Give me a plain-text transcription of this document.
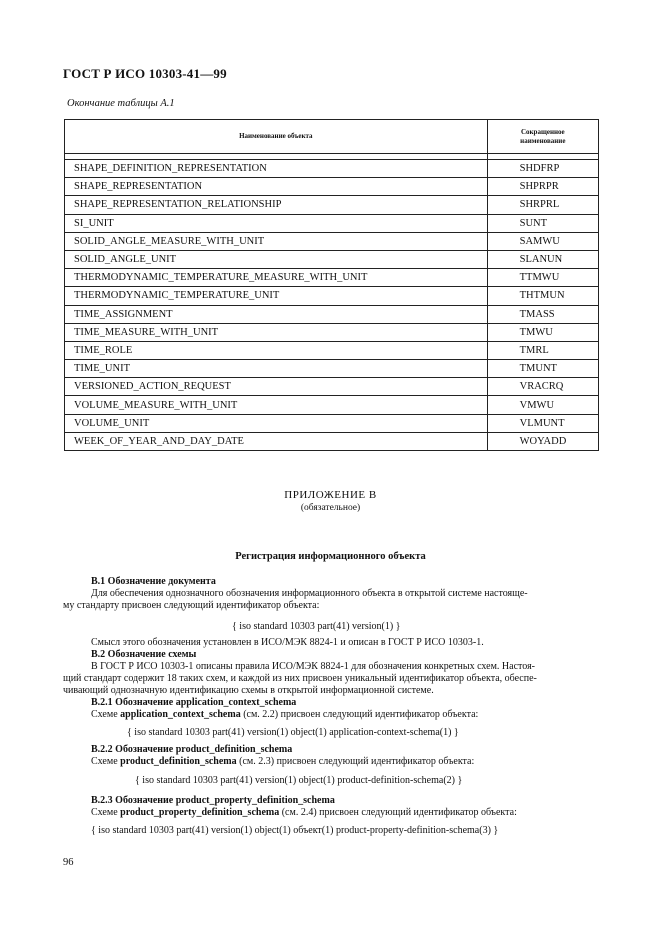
ГОСТ Р ИСО 10303-41—99
Окончание таблицы А.1
Наименование объекта	Сокращенное
наименование

SHAPE_DEFINITION_REPRESENTATION	SHDFRP
SHAPE_REPRESENTATION	SHPRPR
SHAPE_REPRESENTATION_RELATIONSHIP	SHRPRL
SI_UNIT	SUNT
SOLID_ANGLE_MEASURE_WITH_UNIT	SAMWU
SOLID_ANGLE_UNIT	SLANUN
THERMODYNAMIC_TEMPERATURE_MEASURE_WITH_UNIT	TTMWU
THERMODYNAMIC_TEMPERATURE_UNIT	THTMUN
TIME_ASSIGNMENT	TMASS
TIME_MEASURE_WITH_UNIT	TMWU
TIME_ROLE	TMRL
TIME_UNIT	TMUNT
VERSIONED_ACTION_REQUEST	VRACRQ
VOLUME_MEASURE_WITH_UNIT	VMWU
VOLUME_UNIT	VLMUNT
WEEK_OF_YEAR_AND_DAY_DATE	WOYADD
ПРИЛОЖЕНИЕ В
(обязательное)
Регистрация информационного объекта
В.1 Обозначение документа
Для обеспечения однозначного обозначения информационного объекта в открытой системе настояще-
му стандарту присвоен следующий идентификатор объекта:
{ iso standard 10303 part(41) version(1) }
Смысл этого обозначения установлен в ИСО/МЭК 8824-1 и описан в ГОСТ Р ИСО 10303-1.
В.2 Обозначение схемы
В ГОСТ Р ИСО 10303-1 описаны правила ИСО/МЭК 8824-1 для обозначения конкретных схем. Настоя-
щий стандарт содержит 18 таких схем, и каждой из них присвоен уникальный идентификатор объекта, обеспе-
чивающий однозначную идентификацию схемы в открытой информационной системе.
В.2.1 Обозначение application_context_schema
Схеме application_context_schema (см. 2.2) присвоен следующий идентификатор объекта:
{ iso standard 10303 part(41) version(1) object(1) application-context-schema(1) }
В.2.2 Обозначение product_definition_schema
Схеме product_definition_schema (см. 2.3) присвоен следующий идентификатор объекта:
{ iso standard 10303 part(41) version(1) object(1) product-definition-schema(2) }
В.2.3 Обозначение product_property_definition_schema
Схеме product_property_definition_schema (см. 2.4) присвоен следующий идентификатор объекта:
{ iso standard 10303 part(41) version(1) object(1) объект(1) product-property-definition-schema(3) }
96
